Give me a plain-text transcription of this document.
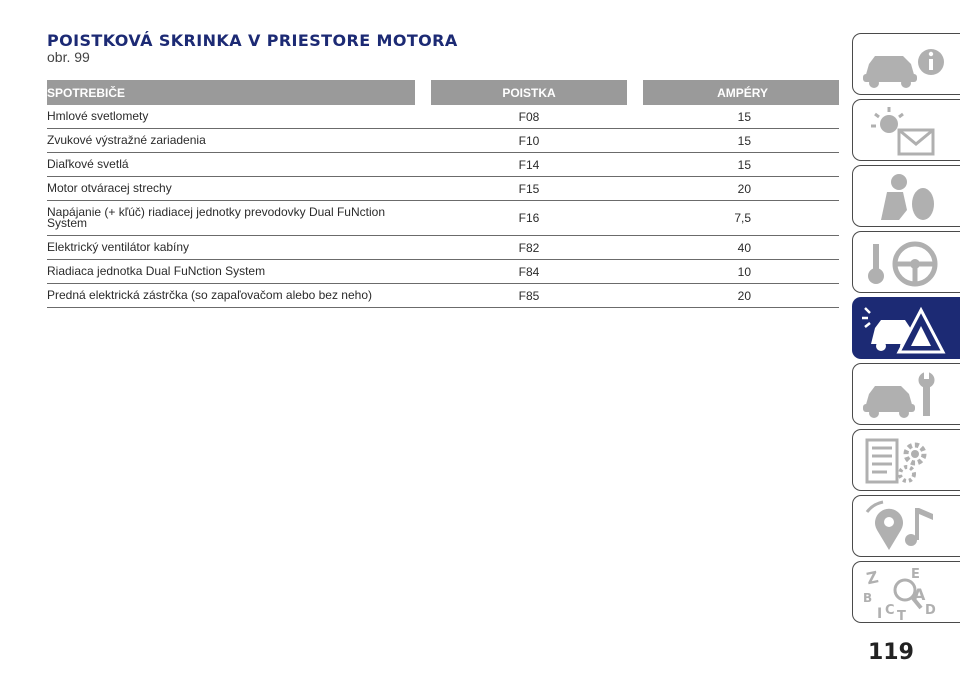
POISTKOVÁ SKRINKA V PRIESTORE MOTORA

obr. 99

SPOTREBIČE		POISTKA		AMPÉRY
Hmlové svetlomety		F08		15
Zvukové výstražné zariadenia		F10		15
Diaľkové svetlá		F14		15
Motor otváracej strechy		F15		20
Napájanie (+ kľúč) riadiacej jednotky prevodovky Dual FuNction System		F16		7,5
Elektrický ventilátor kabíny		F82		40
Riadiaca jednotka Dual FuNction System		F84		10
Predná elektrická zástrčka (so zapaľovačom alebo bez neho)		F85		20
Z E
B
C
A
D
T
I

119
